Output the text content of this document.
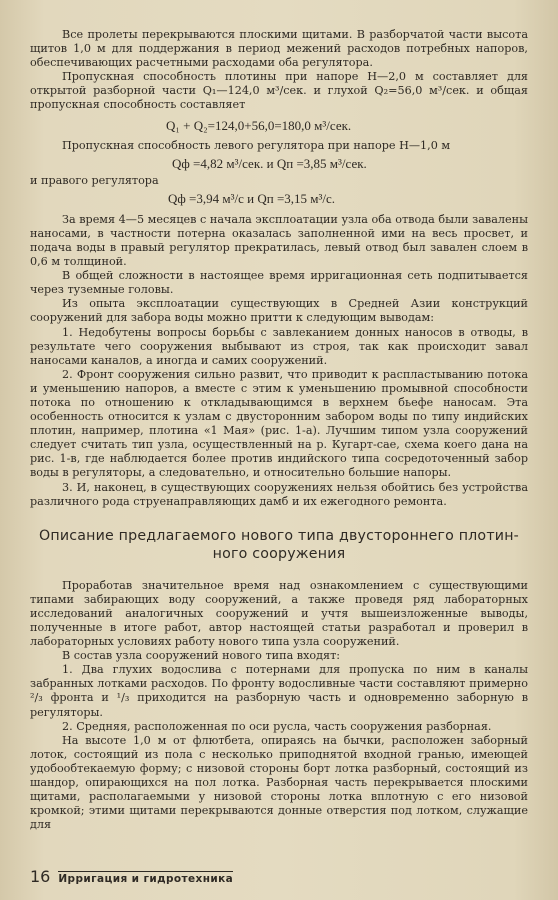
Все пролеты перекрываются плоскими щитами. В разборчатой части высота щитов 1,0 м для поддержания в период межений расходов потребных напоров, обеспечивающих расчетными расходами оба регулятора.

Пропускная способность плотины при напоре H—2,0 м составляет для открытой разборной части Q₁—124,0 м³/сек. и глухой Q₂=56,0 м³/сек. и общая пропускная способность составляет

Q₁ + Q₂=124,0+56,0=180,0 м³/сек.

Пропускная способность левого регулятора при напоре H—1,0 м

Qф =4,82 м³/сек. и Qп =3,85 м³/сек.

и правого регулятора

Qф =3,94 м³/с и Qп =3,15 м³/с.

За время 4—5 месяцев с начала эксплоатации узла оба отвода были завалены наносами, в частности потерна оказалась заполненной ими на весь просвет, и подача воды в правый регулятор прекратилась, левый отвод был завален слоем в 0,6 м толщиной.

В общей сложности в настоящее время ирригационная сеть подпитывается через туземные головы.

Из опыта эксплоатации существующих в Средней Азии конструкций сооружений для забора воды можно притти к следующим выводам:

1. Недобутены вопросы борьбы с завлеканием донных наносов в отводы, в результате чего сооружения выбывают из строя, так как происходит завал наносами каналов, а иногда и самих сооружений.

2. Фронт сооружения сильно развит, что приводит к распластыванию потока и уменьшению напоров, а вместе с этим к уменьшению промывной способности потока по отношению к откладывающимся в верхнем бьефе наносам. Эта особенность относится к узлам с двусторонним забором воды по типу индийских плотин, например, плотина «1 Мая» (рис. 1-а). Лучшим типом узла сооружений следует считать тип узла, осуществленный на р. Кугарт-сае, схема коего дана на рис. 1-в, где наблюдается более против индийского типа сосредоточенный забор воды в регуляторы, а следовательно, и относительно большие напоры.

3. И, наконец, в существующих сооружениях нельзя обойтись без устройства различного рода струенаправляющих дамб и их ежегодного ремонта.

Описание предлагаемого нового типа двустороннего плотин-
ного сооружения

Проработав значительное время над ознакомлением с существующими типами забирающих воду сооружений, а также проведя ряд лабораторных исследований аналогичных сооружений и учтя вышеизложенные выводы, полученные в итоге работ, автор настоящей статьи разработал и проверил в лабораторных условиях работу нового типа узла сооружений.

В состав узла сооружений нового типа входят:

1. Два глухих водослива с потернами для пропуска по ним в каналы забранных лотками расходов. По фронту водосливные части составляют примерно ²/₃ фронта и ¹/₃ приходится на разборную часть и одновременно заборную в регуляторы.

2. Средняя, расположенная по оси русла, часть сооружения разборная.

На высоте 1,0 м от флютбета, опираясь на бычки, расположен заборный лоток, состоящий из пола с несколько приподнятой входной гранью, имеющей удобообтекаемую форму; с низовой стороны борт лотка разборный, состоящий из шандор, опирающихся на пол лотка. Разборная часть перекрывается плоскими щитами, располагаемыми у низовой стороны лотка вплотную с его низовой кромкой; этими щитами перекрываются донные отверстия под лотком, служащие для

16 Ирригация и гидротехника
